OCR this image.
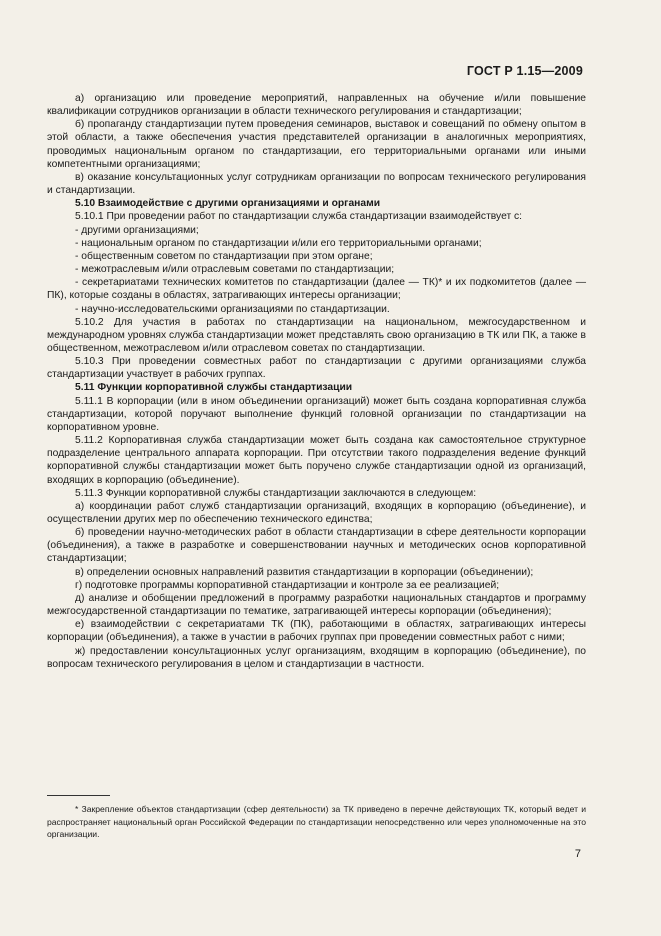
ГОСТ Р 1.15—2009

а) организацию или проведение мероприятий, направленных на обучение и/или повышение квалификации сотрудников организации в области технического регулирования и стандартизации;

б) пропаганду стандартизации путем проведения семинаров, выставок и совещаний по обмену опытом в этой области, а также обеспечения участия представителей организации в аналогичных мероприятиях, проводимых национальным органом по стандартизации, его территориальными органами или иными компетентными организациями;

в) оказание консультационных услуг сотрудникам организации по вопросам технического регулирования и стандартизации.

5.10 Взаимодействие с другими организациями и органами

5.10.1 При проведении работ по стандартизации служба стандартизации взаимодействует с:

- другими организациями;

- национальным органом по стандартизации и/или его территориальными органами;

- общественным советом по стандартизации при этом органе;

- межотраслевым и/или отраслевым советами по стандартизации;

- секретариатами технических комитетов по стандартизации (далее — ТК)* и их подкомитетов (далее — ПК), которые созданы в областях, затрагивающих интересы организации;

- научно-исследовательскими организациями по стандартизации.

5.10.2 Для участия в работах по стандартизации на национальном, межгосударственном и международном уровнях служба стандартизации может представлять свою организацию в ТК или ПК, а также в общественном, межотраслевом и/или отраслевом советах по стандартизации.

5.10.3 При проведении совместных работ по стандартизации с другими организациями служба стандартизации участвует в рабочих группах.

5.11 Функции корпоративной службы стандартизации

5.11.1 В корпорации (или в ином объединении организаций) может быть создана корпоративная служба стандартизации, которой поручают выполнение функций головной организации по стандартизации на корпоративном уровне.

5.11.2 Корпоративная служба стандартизации может быть создана как самостоятельное структурное подразделение центрального аппарата корпорации. При отсутствии такого подразделения ведение функций корпоративной службы стандартизации может быть поручено службе стандартизации одной из организаций, входящих в корпорацию (объединение).

5.11.3 Функции корпоративной службы стандартизации заключаются в следующем:

а) координации работ служб стандартизации организаций, входящих в корпорацию (объединение), и осуществлении других мер по обеспечению технического единства;

б) проведении научно-методических работ в области стандартизации в сфере деятельности корпорации (объединения), а также в разработке и совершенствовании научных и методических основ корпоративной стандартизации;

в) определении основных направлений развития стандартизации в корпорации (объединении);

г) подготовке программы корпоративной стандартизации и контроле за ее реализацией;

д) анализе и обобщении предложений в программу разработки национальных стандартов и программу межгосударственной стандартизации по тематике, затрагивающей интересы корпорации (объединения);

е) взаимодействии с секретариатами ТК (ПК), работающими в областях, затрагивающих интересы корпорации (объединения), а также в участии в рабочих группах при проведении совместных работ с ними;

ж) предоставлении консультационных услуг организациям, входящим в корпорацию (объединение), по вопросам технического регулирования в целом и стандартизации в частности.

* Закрепление объектов стандартизации (сфер деятельности) за ТК приведено в перечне действующих ТК, который ведет и распространяет национальный орган Российской Федерации по стандартизации непосредственно или через уполномоченные на это организации.

7
